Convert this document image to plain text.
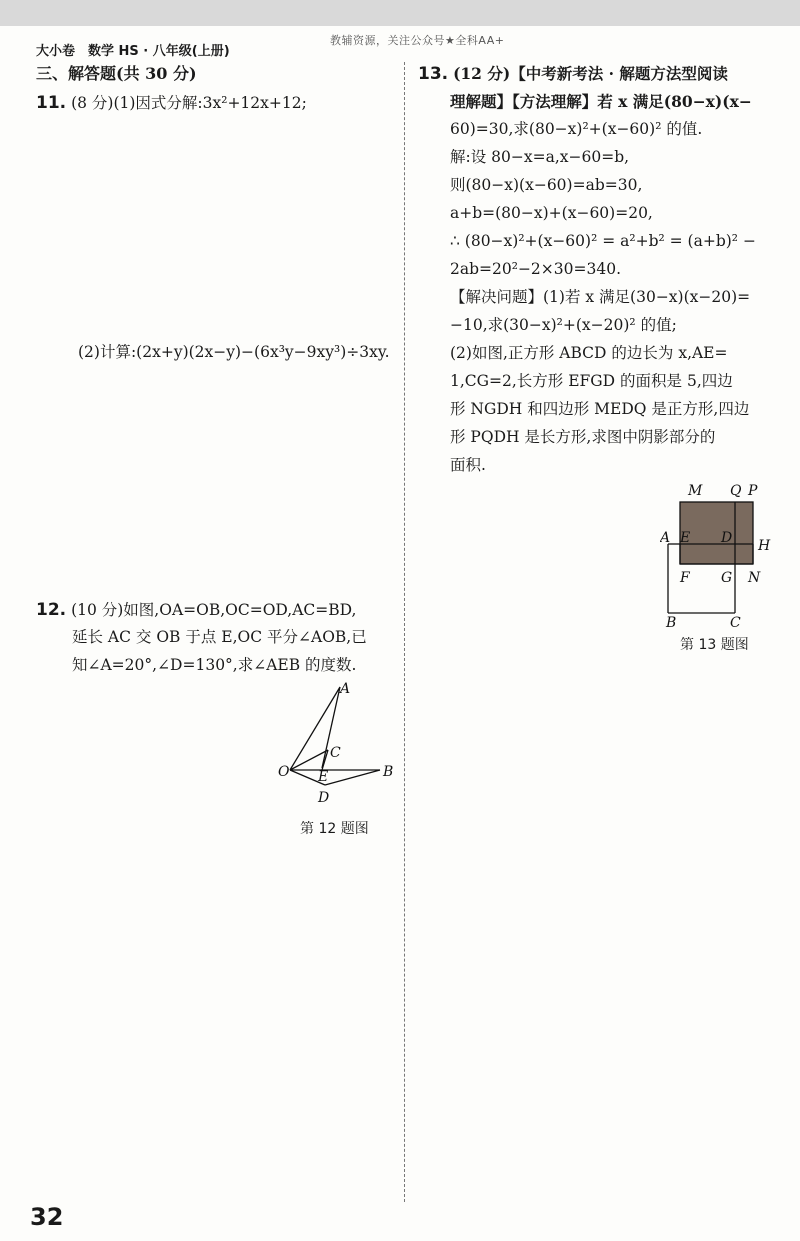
教辅资源，关注公众号★全科AA+
大小卷　数学 HS · 八年级(上册)
三、解答题(共 30 分)
11. (8 分)(1)因式分解:3x²+12x+12;
(2)计算:(2x+y)(2x−y)−(6x³y−9xy³)÷3xy.
12. (10 分)如图,OA=OB,OC=OD,AC=BD,
延长 AC 交 OB 于点 E,OC 平分∠AOB,已
知∠A=20°,∠D=130°,求∠AEB 的度数.
A
C
O E	B
D
第 12 题图
13. (12 分)【中考新考法 · 解题方法型阅读
理解题】【方法理解】若 x 满足(80−x)(x−
60)=30,求(80−x)²+(x−60)² 的值.
解:设 80−x=a,x−60=b,
则(80−x)(x−60)=ab=30,
a+b=(80−x)+(x−60)=20,
∴ (80−x)²+(x−60)² = a²+b² = (a+b)² −
2ab=20²−2×30=340.
【解决问题】(1)若 x 满足(30−x)(x−20)=
−10,求(30−x)²+(x−20)² 的值;
(2)如图,正方形 ABCD 的边长为 x,AE=
1,CG=2,长方形 EFGD 的面积是 5,四边
形 NGDH 和四边形 MEDQ 是正方形,四边
形 PQDH 是长方形,求图中阴影部分的
面积.
M Q P
A E D H
F G N
B	C
第 13 题图
32
